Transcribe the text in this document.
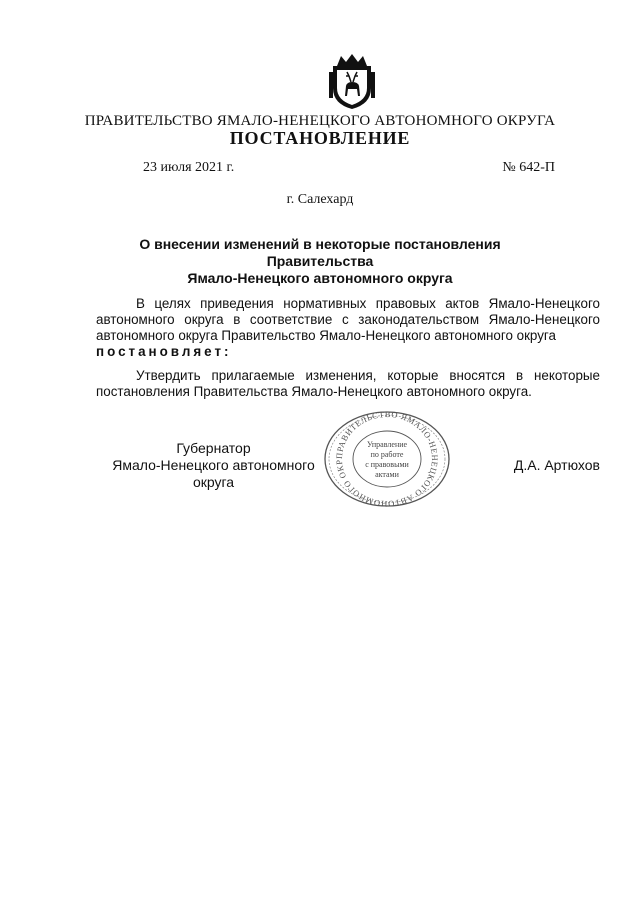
ПРАВИТЕЛЬСТВО ЯМАЛО-НЕНЕЦКОГО АВТОНОМНОГО ОКРУГА
ПОСТАНОВЛЕНИЕ
23 июля 2021 г.	№ 642-П
г. Салехард
О внесении изменений в некоторые постановления Правительства
Ямало-Ненецкого автономного округа
В целях приведения нормативных правовых актов Ямало-Ненецкого автономного округа в соответствие с законодательством Ямало-Ненецкого автономного округа Правительство Ямало-Ненецкого автономного округа
постановляет:
Утвердить прилагаемые изменения, которые вносятся в некоторые постановления Правительства Ямало-Ненецкого автономного округа.
Губернатор
Ямало-Ненецкого автономного округа
ПРАВИТЕЛЬСТВО ЯМАЛО-НЕНЕЦКОГО АВТОНОМНОГО ОКР
Управление
по работе
с правовыми
актами
Д.А. Артюхов
